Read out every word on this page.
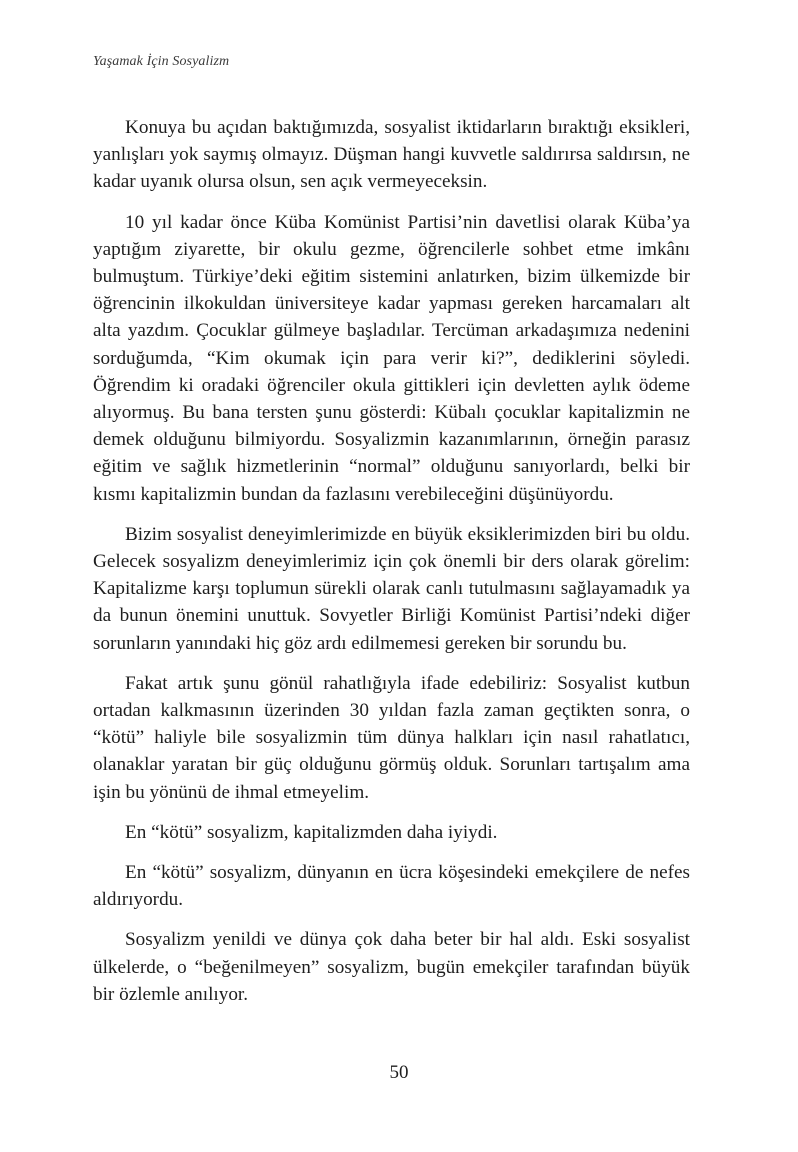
Yaşamak İçin Sosyalizm

Konuya bu açıdan baktığımızda, sosyalist iktidarların bıraktığı eksikleri, yanlışları yok saymış olmayız. Düşman hangi kuvvetle saldırırsa saldırsın, ne kadar uyanık olursa olsun, sen açık vermeyeceksin.

10 yıl kadar önce Küba Komünist Partisi’nin davetlisi olarak Küba’ya yaptığım ziyarette, bir okulu gezme, öğrencilerle sohbet etme imkânı bulmuştum. Türkiye’deki eğitim sistemini anlatırken, bizim ülkemizde bir öğrencinin ilkokuldan üniversiteye kadar yapması gereken harcamaları alt alta yazdım. Çocuklar gülmeye başladılar. Tercüman arkadaşımıza nedenini sorduğumda, “Kim okumak için para verir ki?”, dediklerini söyledi. Öğrendim ki oradaki öğrenciler okula gittikleri için devletten aylık ödeme alıyormuş. Bu bana tersten şunu gösterdi: Kübalı çocuklar kapitalizmin ne demek olduğunu bilmiyordu. Sosyalizmin kazanımlarının, örneğin parasız eğitim ve sağlık hizmetlerinin “normal” olduğunu sanıyorlardı, belki bir kısmı kapitalizmin bundan da fazlasını verebileceğini düşünüyordu.

Bizim sosyalist deneyimlerimizde en büyük eksiklerimizden biri bu oldu. Gelecek sosyalizm deneyimlerimiz için çok önemli bir ders olarak görelim: Kapitalizme karşı toplumun sürekli olarak canlı tutulmasını sağlayamadık ya da bunun önemini unuttuk. Sovyetler Birliği Komünist Partisi’ndeki diğer sorunların yanındaki hiç göz ardı edilmemesi gereken bir sorundu bu.

Fakat artık şunu gönül rahatlığıyla ifade edebiliriz: Sosyalist kutbun ortadan kalkmasının üzerinden 30 yıldan fazla zaman geçtikten sonra, o “kötü” haliyle bile sosyalizmin tüm dünya halkları için nasıl rahatlatıcı, olanaklar yaratan bir güç olduğunu görmüş olduk. Sorunları tartışalım ama işin bu yönünü de ihmal etmeyelim.

En “kötü” sosyalizm, kapitalizmden daha iyiydi.

En “kötü” sosyalizm, dünyanın en ücra köşesindeki emekçilere de nefes aldırıyordu.

Sosyalizm yenildi ve dünya çok daha beter bir hal aldı. Eski sosyalist ülkelerde, o “beğenilmeyen” sosyalizm, bugün emekçiler tarafından büyük bir özlemle anılıyor.

50
